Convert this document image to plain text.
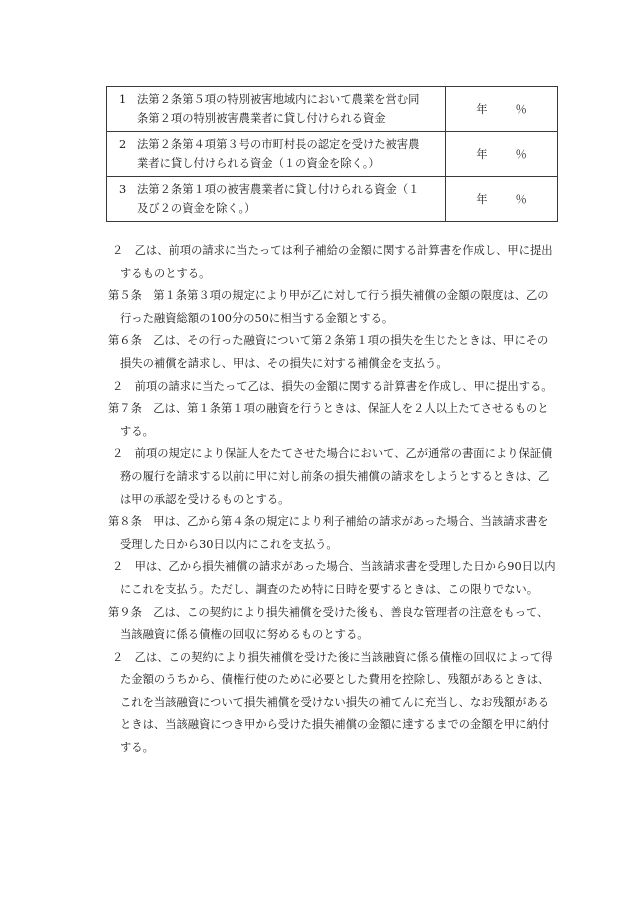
1 法第２条第５項の特別被害地域内において農業を営む同
条第２項の特別被害農業者に貸し付けられる資金	年 ％

2 法第２条第４項第３号の市町村長の認定を受けた被害農
業者に貸し付けられる資金（１の資金を除く。）	年 ％

3 法第２条第１項の被害農業者に貸し付けられる資金（１
及び２の資金を除く。）	年 ％

２　乙は、前項の請求に当たっては利子補給の金額に関する計算書を作成し、甲に提出
するものとする。

第５条　第１条第３項の規定により甲が乙に対して行う損失補償の金額の限度は、乙の
行った融資総額の100分の50に相当する金額とする。

第６条　乙は、その行った融資について第２条第１項の損失を生じたときは、甲にその
損失の補償を請求し、甲は、その損失に対する補償金を支払う。

２　前項の請求に当たって乙は、損失の金額に関する計算書を作成し、甲に提出する。

第７条　乙は、第１条第１項の融資を行うときは、保証人を２人以上たてさせるものと
する。

２　前項の規定により保証人をたてさせた場合において、乙が通常の書面により保証債
務の履行を請求する以前に甲に対し前条の損失補償の請求をしようとするときは、乙
は甲の承認を受けるものとする。

第８条　甲は、乙から第４条の規定により利子補給の請求があった場合、当該請求書を
受理した日から30日以内にこれを支払う。

２　甲は、乙から損失補償の請求があった場合、当該請求書を受理した日から90日以内
にこれを支払う。ただし、調査のため特に日時を要するときは、この限りでない。

第９条　乙は、この契約により損失補償を受けた後も、善良な管理者の注意をもって、
当該融資に係る債権の回収に努めるものとする。

２　乙は、この契約により損失補償を受けた後に当該融資に係る債権の回収によって得
た金額のうちから、債権行使のために必要とした費用を控除し、残額があるときは、
これを当該融資について損失補償を受けない損失の補てんに充当し、なお残額がある
ときは、当該融資につき甲から受けた損失補償の金額に達するまでの金額を甲に納付
する。
